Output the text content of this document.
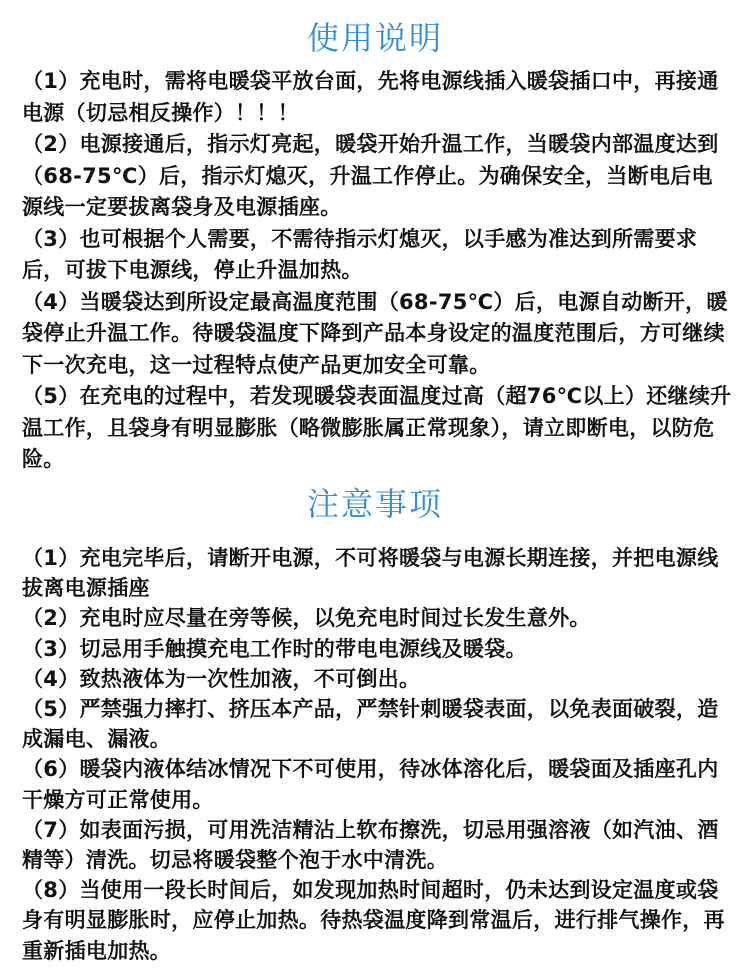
使用说明

（1）充电时，需将电暖袋平放台面，先将电源线插入暖袋插口中，再接通电源（切忌相反操作）！！！

（2）电源接通后，指示灯亮起，暖袋开始升温工作，当暖袋内部温度达到（68-75℃）后，指示灯熄灭，升温工作停止。为确保安全，当断电后电源线一定要拔离袋身及电源插座。

（3）也可根据个人需要，不需待指示灯熄灭，以手感为准达到所需要求后，可拔下电源线，停止升温加热。

（4）当暖袋达到所设定最高温度范围（68-75℃）后，电源自动断开，暖袋停止升温工作。待暖袋温度下降到产品本身设定的温度范围后，方可继续下一次充电，这一过程特点使产品更加安全可靠。

（5）在充电的过程中，若发现暖袋表面温度过高（超76℃以上）还继续升温工作，且袋身有明显膨胀（略微膨胀属正常现象），请立即断电，以防危险。

注意事项

（1）充电完毕后，请断开电源，不可将暖袋与电源长期连接，并把电源线拔离电源插座

（2）充电时应尽量在旁等候，以免充电时间过长发生意外。

（3）切忌用手触摸充电工作时的带电电源线及暖袋。

（4）致热液体为一次性加液，不可倒出。

（5）严禁强力摔打、挤压本产品，严禁针刺暖袋表面，以免表面破裂，造成漏电、漏液。

（6）暖袋内液体结冰情况下不可使用，待冰体溶化后，暖袋面及插座孔内干燥方可正常使用。

（7）如表面污损，可用洗洁精沾上软布擦洗，切忌用强溶液（如汽油、酒精等）清洗。切忌将暖袋整个泡于水中清洗。

（8）当使用一段长时间后，如发现加热时间超时，仍未达到设定温度或袋身有明显膨胀时，应停止加热。待热袋温度降到常温后，进行排气操作，再重新插电加热。
